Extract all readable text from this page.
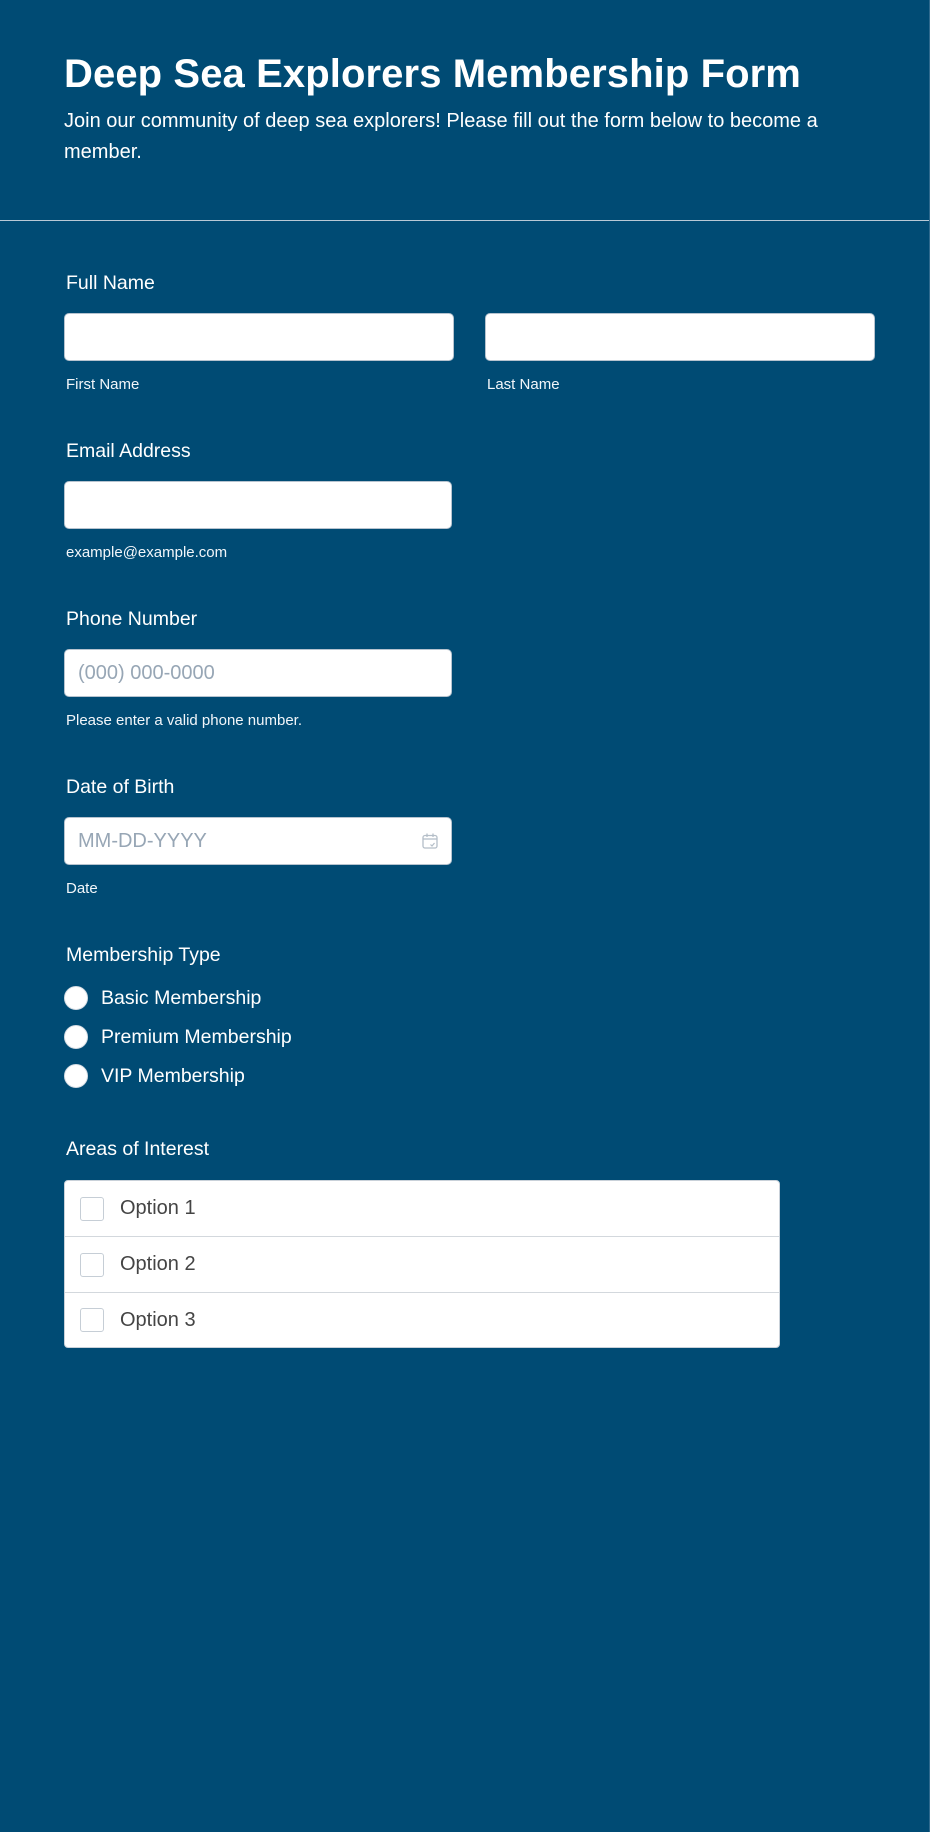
Deep Sea Explorers Membership Form

Join our community of deep sea explorers! Please fill out the form below to become a member.

Full Name
First Name	Last Name
Email Address
example@example.com
Phone Number
(000) 000-0000
Please enter a valid phone number.
Date of Birth
MM-DD-YYYY
Date
Membership Type
Basic Membership
Premium Membership
VIP Membership
Areas of Interest
Option 1
Option 2
Option 3
